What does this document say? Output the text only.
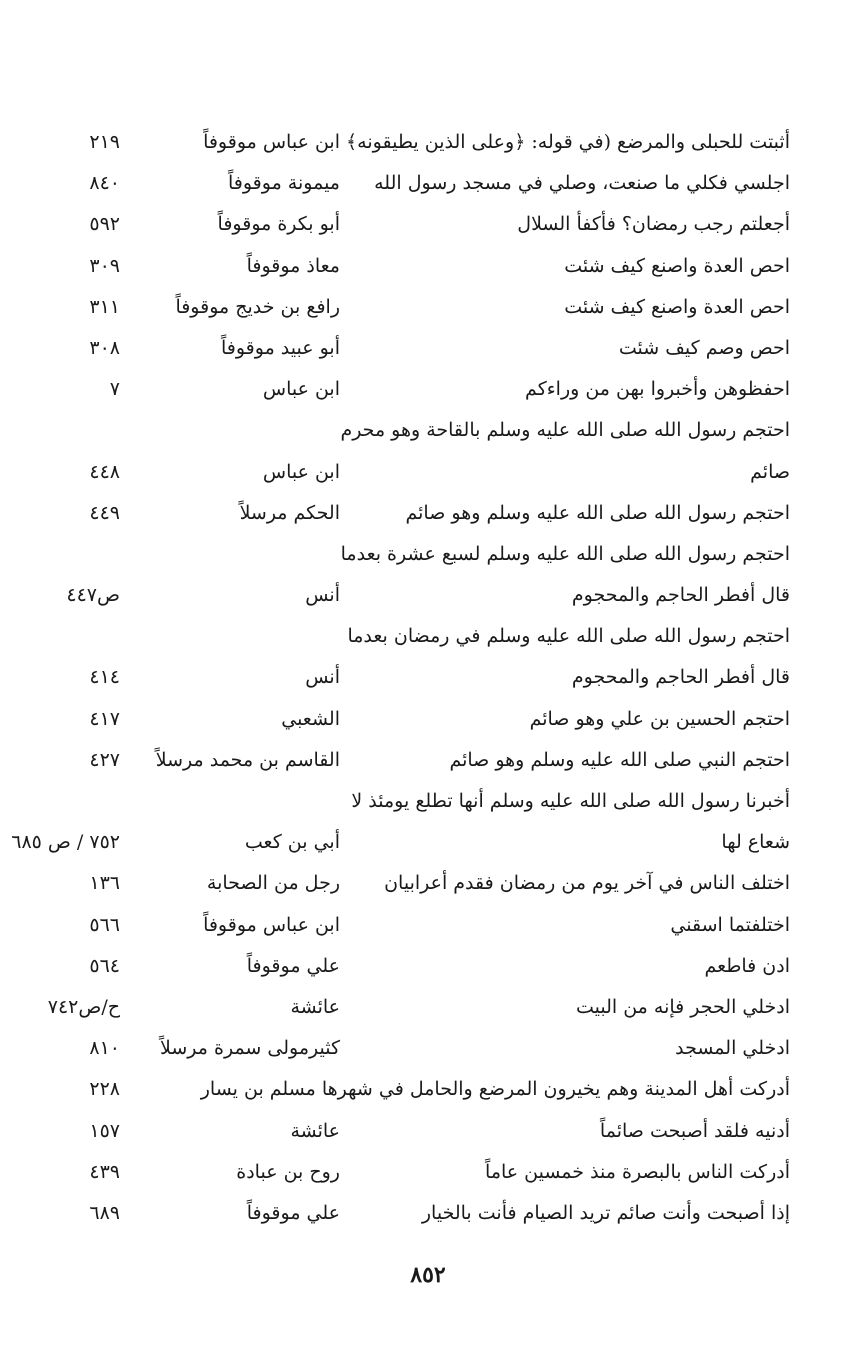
أثبتت للحبلى والمرضع (في قوله: ﴿وعلى الذين يطيقونه﴾
ابن عباس موقوفاً
٢١٩
اجلسي فكلي ما صنعت، وصلي في مسجد رسول الله
ميمونة موقوفاً
٨٤٠
أجعلتم رجب رمضان؟ فأكفأ السلال
أبو بكرة موقوفاً
٥٩٢
احص العدة واصنع كيف شئت
معاذ موقوفاً
٣٠٩
احص العدة واصنع كيف شئت
رافع بن خديج موقوفاً
٣١١
احص وصم كيف شئت
أبو عبيد موقوفاً
٣٠٨
احفظوهن وأخبروا بهن من وراءكم
ابن عباس
٧
احتجم رسول الله صلى الله عليه وسلم بالقاحة وهو محرم
صائم
ابن عباس
٤٤٨
احتجم رسول الله صلى الله عليه وسلم وهو صائم
الحكم مرسلاً
٤٤٩
احتجم رسول الله صلى الله عليه وسلم لسبع عشرة بعدما
قال أفطر الحاجم والمحجوم
أنس
ص٤٤٧
احتجم رسول الله صلى الله عليه وسلم في رمضان بعدما
قال أفطر الحاجم والمحجوم
أنس
٤١٤
احتجم الحسين بن علي وهو صائم
الشعبي
٤١٧
احتجم النبي صلى الله عليه وسلم وهو صائم
القاسم بن محمد مرسلاً
٤٢٧
أخبرنا رسول الله صلى الله عليه وسلم أنها تطلع يومئذ لا
شعاع لها
أبي بن كعب
٧٥٢ / ص ٦٨٥
اختلف الناس في آخر يوم من رمضان فقدم أعرابيان
رجل من الصحابة
١٣٦
اختلفتما اسقني
ابن عباس موقوفاً
٥٦٦
ادن فاطعم
علي موقوفاً
٥٦٤
ادخلي الحجر فإنه من البيت
عائشة
ح/ص٧٤٢
ادخلي المسجد
كثيرمولى سمرة مرسلاً
٨١٠
أدركت أهل المدينة وهم يخيرون المرضع والحامل في شهرها مسلم بن يسار
٢٢٨
أدنيه فلقد أصبحت صائماً
عائشة
١٥٧
أدركت الناس بالبصرة منذ خمسين عاماً
روح بن عبادة
٤٣٩
إذا أصبحت وأنت صائم تريد الصيام فأنت بالخيار
علي موقوفاً
٦٨٩
٨٥٢
